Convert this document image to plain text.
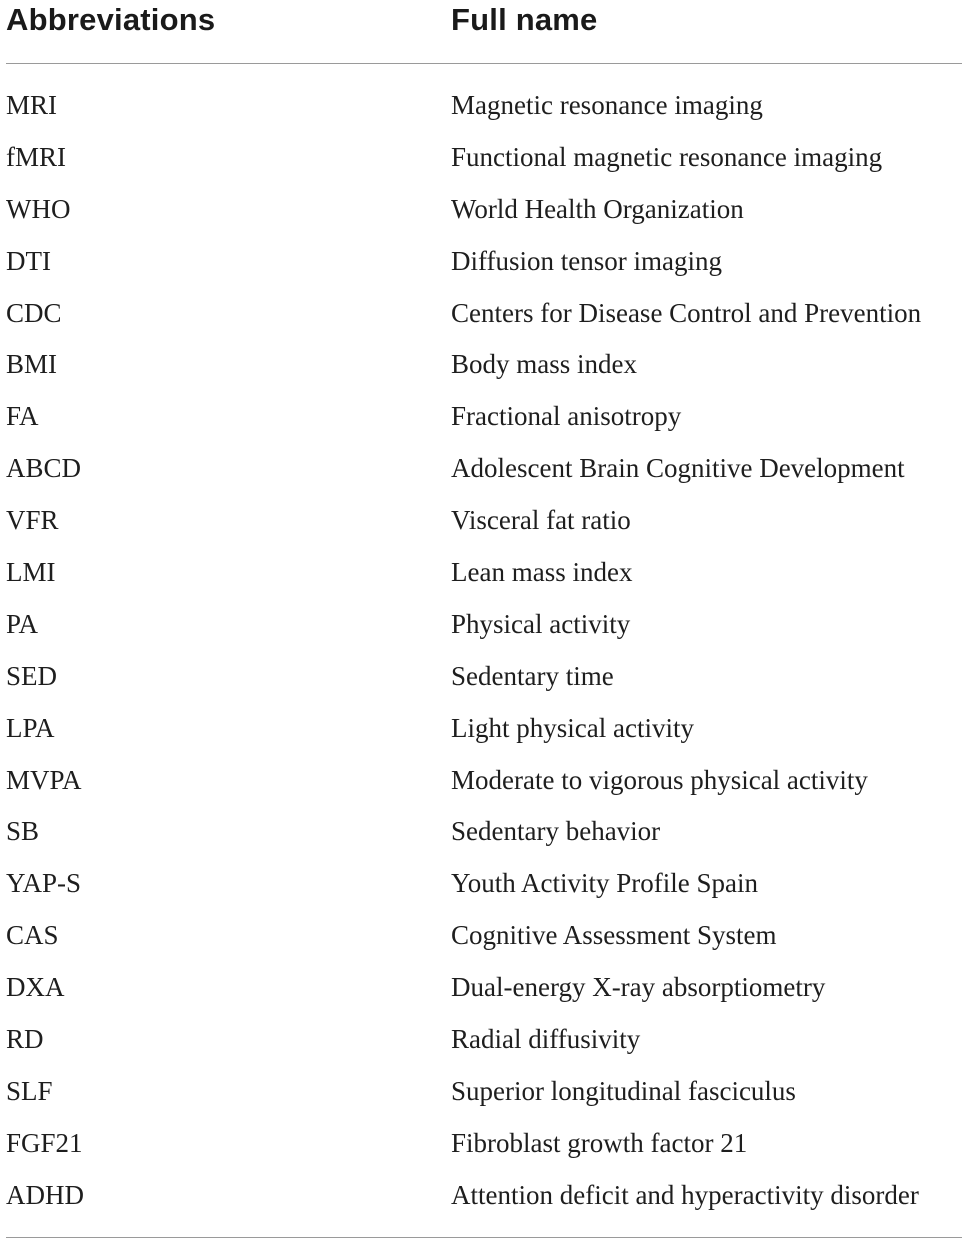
Abbreviations	Full name
MRI	Magnetic resonance imaging
fMRI	Functional magnetic resonance imaging
WHO	World Health Organization
DTI	Diffusion tensor imaging
CDC	Centers for Disease Control and Prevention
BMI	Body mass index
FA	Fractional anisotropy
ABCD	Adolescent Brain Cognitive Development
VFR	Visceral fat ratio
LMI	Lean mass index
PA	Physical activity
SED	Sedentary time
LPA	Light physical activity
MVPA	Moderate to vigorous physical activity
SB	Sedentary behavior
YAP-S	Youth Activity Profile Spain
CAS	Cognitive Assessment System
DXA	Dual-energy X-ray absorptiometry
RD	Radial diffusivity
SLF	Superior longitudinal fasciculus
FGF21	Fibroblast growth factor 21
ADHD	Attention deficit and hyperactivity disorder
